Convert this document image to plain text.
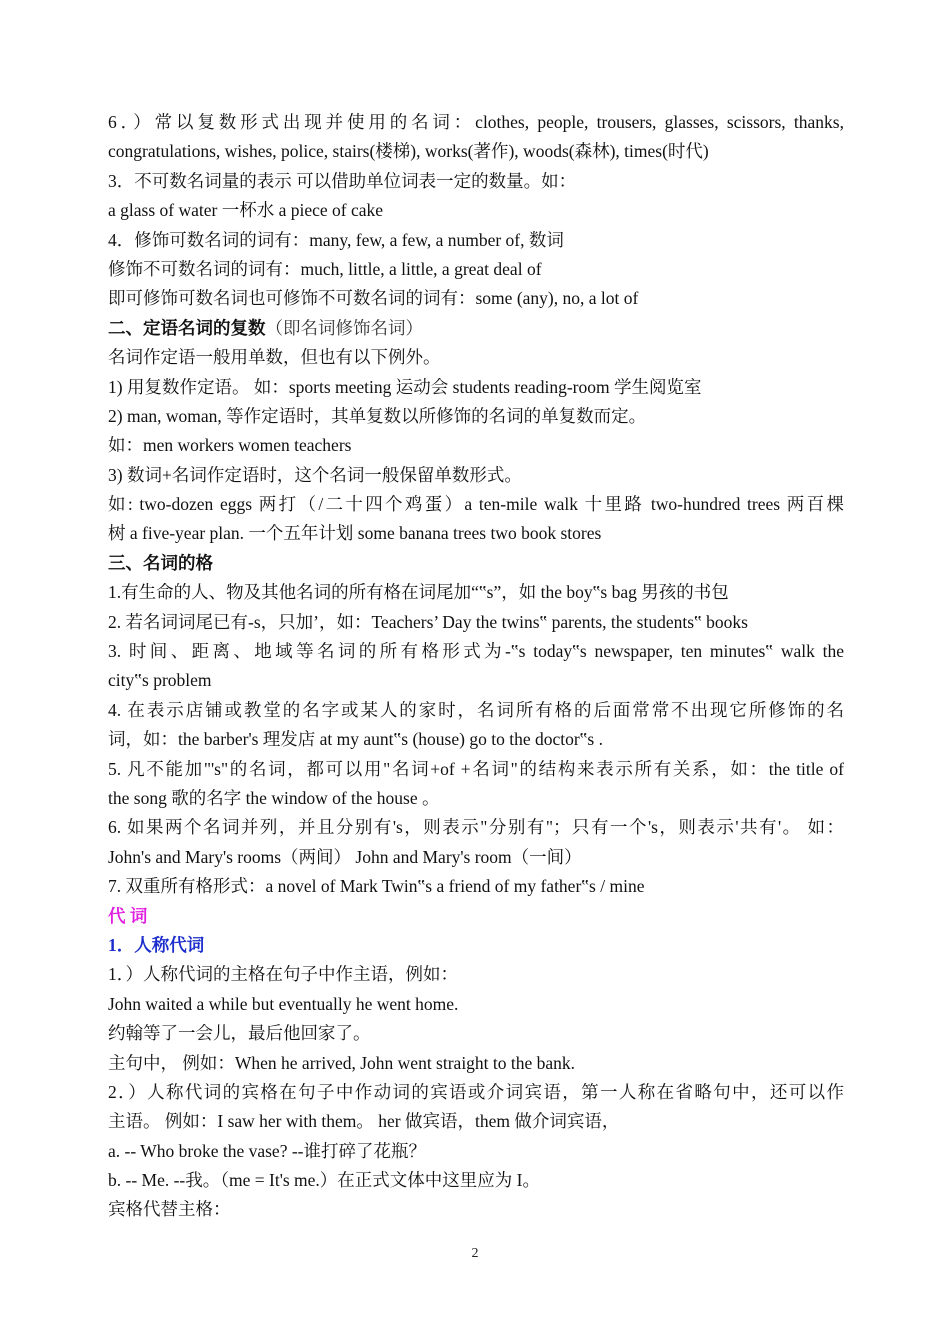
6．）常以复数形式出现并使用的名词：clothes, people, trousers, glasses, scissors, thanks,
congratulations, wishes, police, stairs(楼梯), works(著作), woods(森林), times(时代)
3．不可数名词量的表示 可以借助单位词表一定的数量。如：
a glass of water 一杯水 a piece of cake
4．修饰可数名词的词有：many, few, a few, a number of, 数词
修饰不可数名词的词有：much, little, a little, a great deal of
即可修饰可数名词也可修饰不可数名词的词有：some (any), no, a lot of
二、定语名词的复数（即名词修饰名词）
名词作定语一般用单数，但也有以下例外。
1) 用复数作定语。 如：sports meeting 运动会 students reading-room 学生阅览室
2) man, woman, 等作定语时，其单复数以所修饰的名词的单复数而定。
如：men workers women teachers
3) 数词+名词作定语时，这个名词一般保留单数形式。
如: two-dozen eggs 两打（/二十四个鸡蛋）a ten-mile walk 十里路 two-hundred trees 两百棵
树 a five-year plan. 一个五年计划 some banana trees two book stores
三、名词的格
1.有生命的人、物及其他名词的所有格在词尾加“‟s”，如 the boy‟s bag 男孩的书包
2. 若名词词尾已有-s，只加’，如：Teachers’ Day the twins‟ parents, the students‟ books
3. 时间、距离、地域等名词的所有格形式为-‟s today‟s newspaper, ten minutes‟ walk the
city‟s problem
4. 在表示店铺或教堂的名字或某人的家时，名词所有格的后面常常不出现它所修饰的名
词，如：the barber's 理发店 at my aunt‟s (house) go to the doctor‟s .
5. 凡不能加"'s"的名词，都可以用"名词+of +名词"的结构来表示所有关系，如：the title of
the song 歌的名字 the window of the house 。
6. 如果两个名词并列，并且分别有's，则表示"分别有"；只有一个's，则表示'共有'。 如：
John's and Mary's rooms（两间） John and Mary's room（一间）
7. 双重所有格形式：a novel of Mark Twin‟s a friend of my father‟s / mine
代 词
1．人称代词
1．）人称代词的主格在句子中作主语，例如：
John waited a while but eventually he went home.
约翰等了一会儿，最后他回家了。
主句中， 例如：When he arrived, John went straight to the bank.
2．）人称代词的宾格在句子中作动词的宾语或介词宾语，第一人称在省略句中，还可以作
主语。 例如：I saw her with them。 her 做宾语，them 做介词宾语，
a. -- Who broke the vase? --谁打碎了花瓶？
b. -- Me. --我。（me = It's me.）在正式文体中这里应为 I。
宾格代替主格：
2
